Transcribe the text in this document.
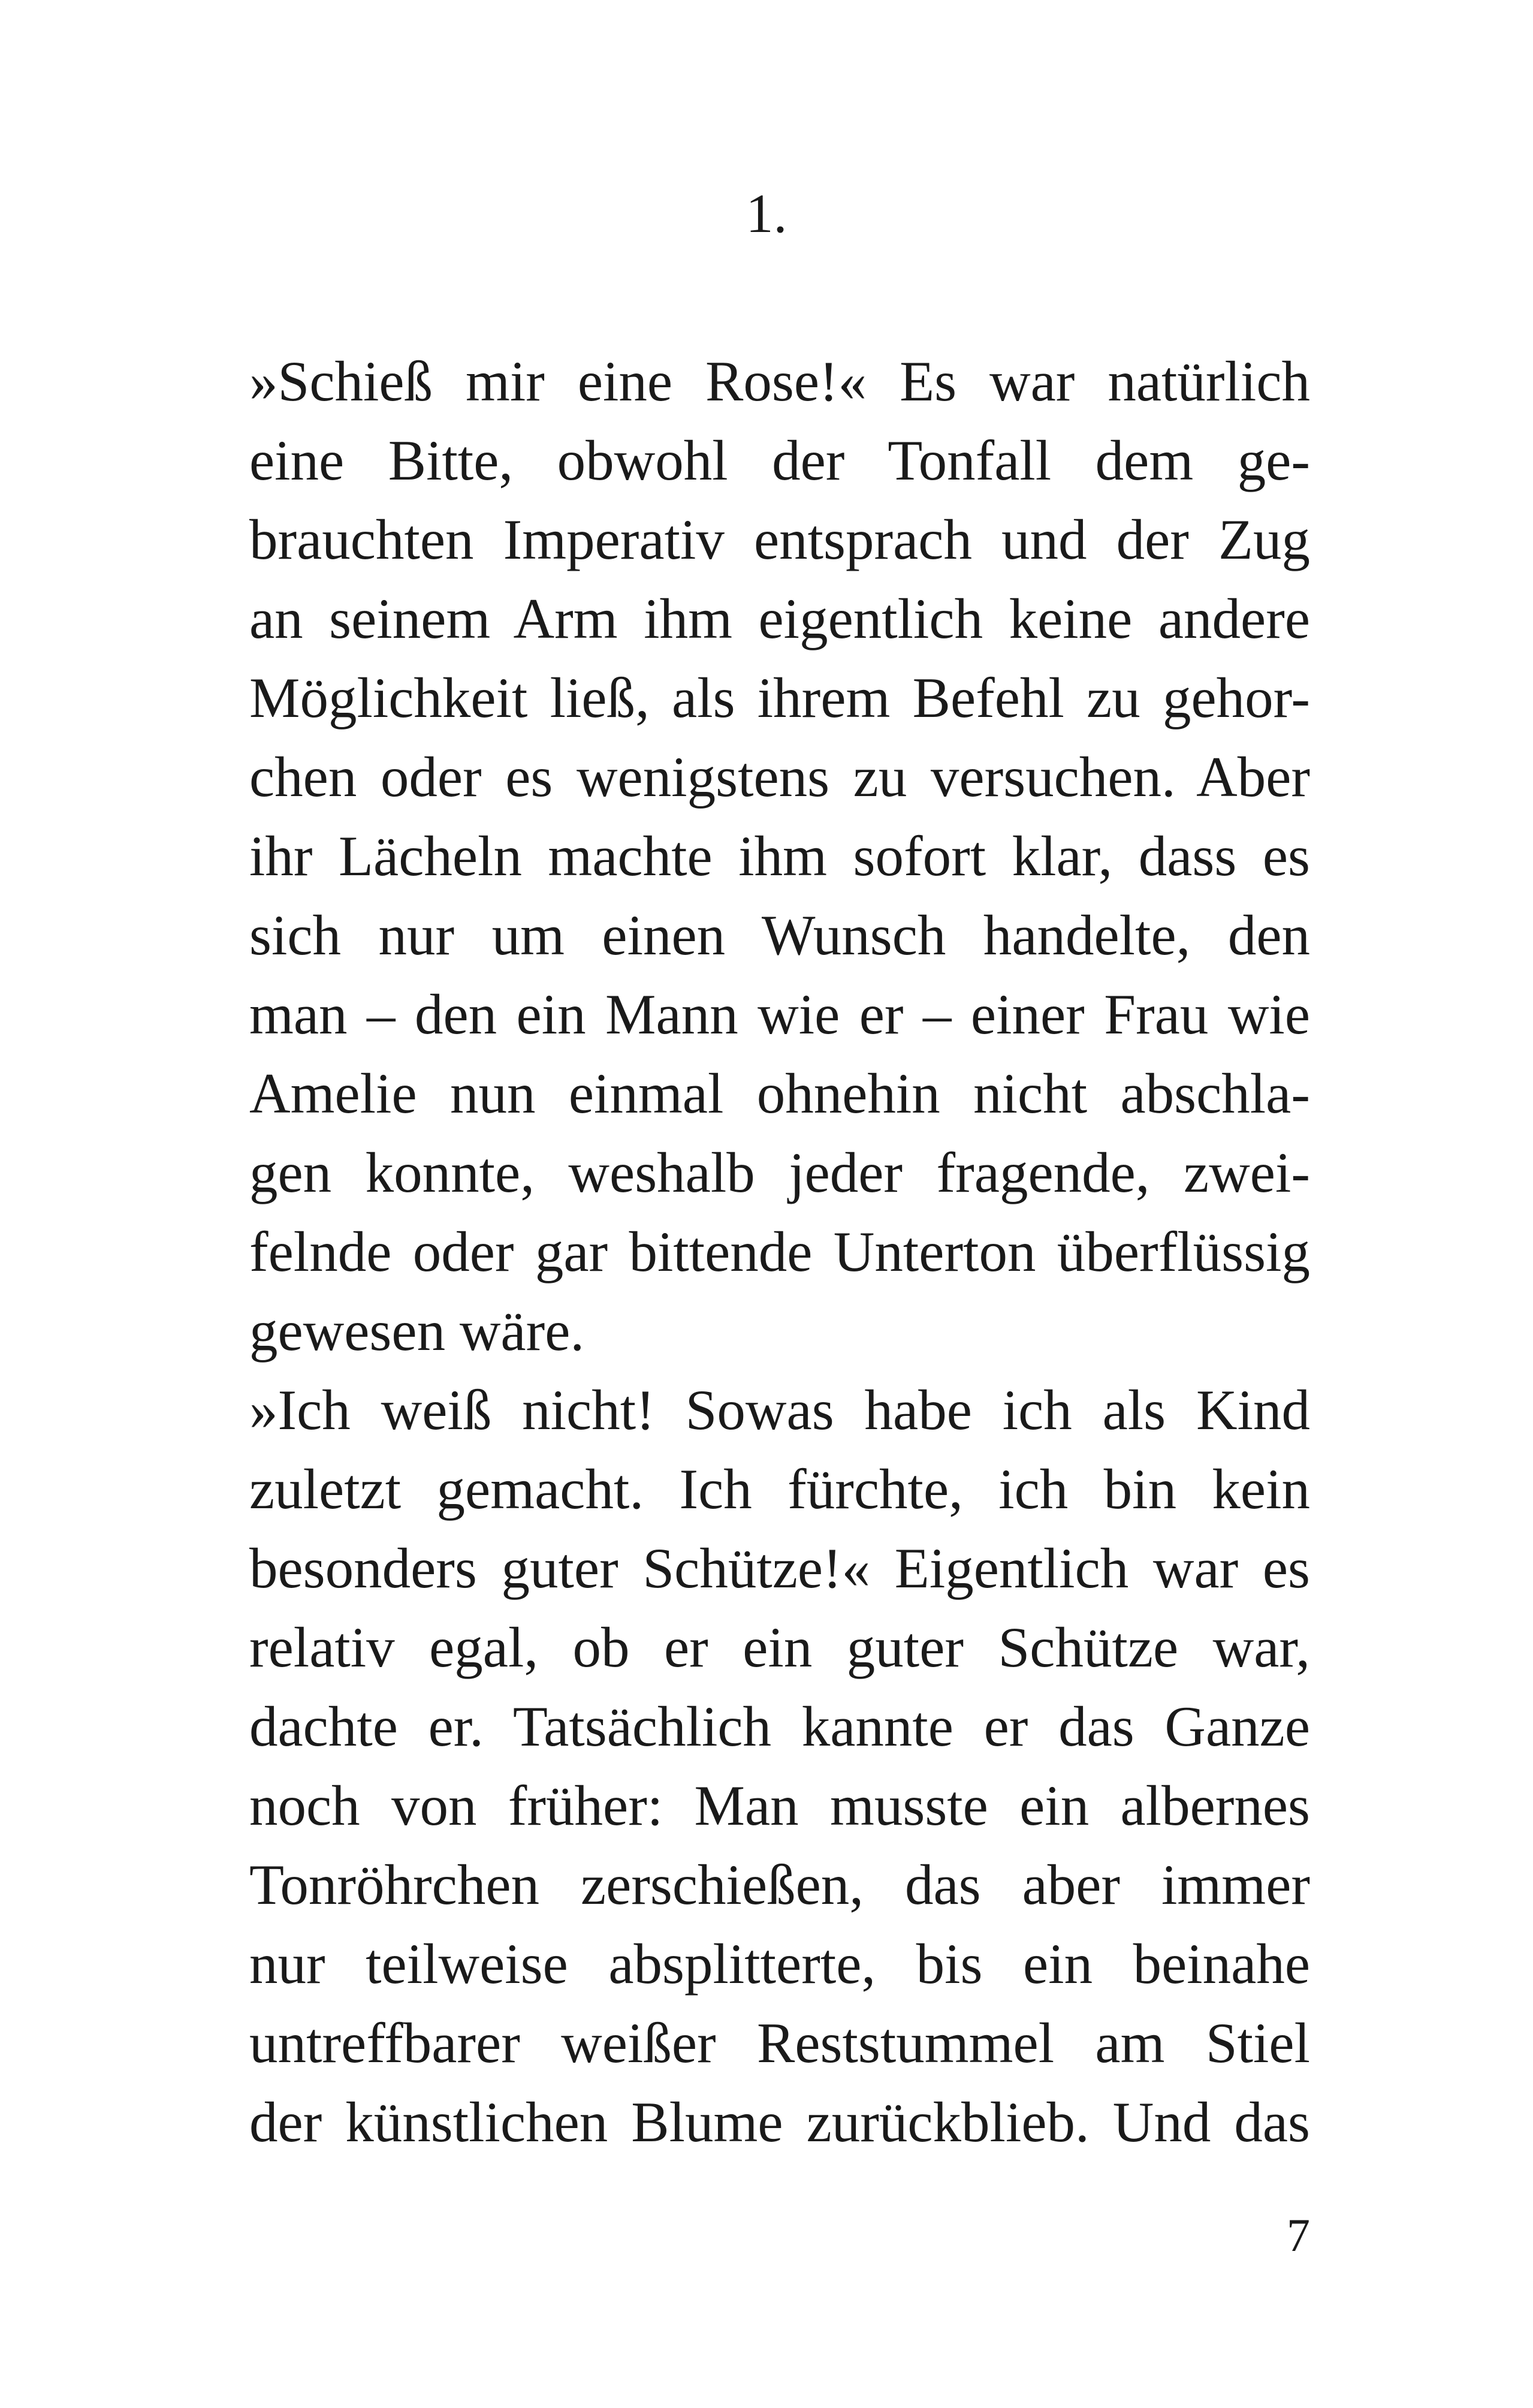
1.
»Schieß mir eine Rose!« Es war natürlich
eine Bitte, obwohl der Tonfall dem ge-
brauchten Imperativ entsprach und der Zug
an seinem Arm ihm eigentlich keine andere
Möglichkeit ließ, als ihrem Befehl zu gehor-
chen oder es wenigstens zu versuchen. Aber
ihr Lächeln machte ihm sofort klar, dass es
sich nur um einen Wunsch handelte, den
man – den ein Mann wie er – einer Frau wie
Amelie nun einmal ohnehin nicht abschla-
gen konnte, weshalb jeder fragende, zwei-
felnde oder gar bittende Unterton überflüssig
gewesen wäre.
»Ich weiß nicht! Sowas habe ich als Kind
zuletzt gemacht. Ich fürchte, ich bin kein
besonders guter Schütze!« Eigentlich war es
relativ egal, ob er ein guter Schütze war,
dachte er. Tatsächlich kannte er das Ganze
noch von früher: Man musste ein albernes
Tonröhrchen zerschießen, das aber immer
nur teilweise absplitterte, bis ein beinahe
untreffbarer weißer Reststummel am Stiel
der künstlichen Blume zurückblieb. Und das
7
